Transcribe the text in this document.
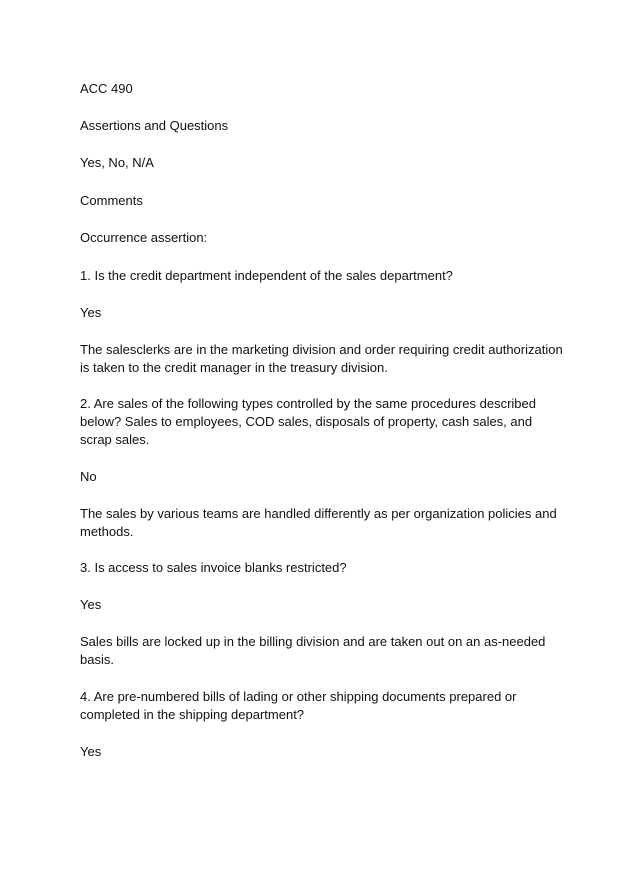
ACC 490

Assertions and Questions

Yes, No, N/A

Comments

Occurrence assertion:

1. Is the credit department independent of the sales department?

Yes

The salesclerks are in the marketing division and order requiring credit authorization is taken to the credit manager in the treasury division.

2. Are sales of the following types controlled by the same procedures described below? Sales to employees, COD sales, disposals of property, cash sales, and scrap sales.

No

The sales by various teams are handled differently as per organization policies and methods.

3. Is access to sales invoice blanks restricted?

Yes

Sales bills are locked up in the billing division and are taken out on an as-needed basis.

4. Are pre-numbered bills of lading or other shipping documents prepared or completed in the shipping department?

Yes
